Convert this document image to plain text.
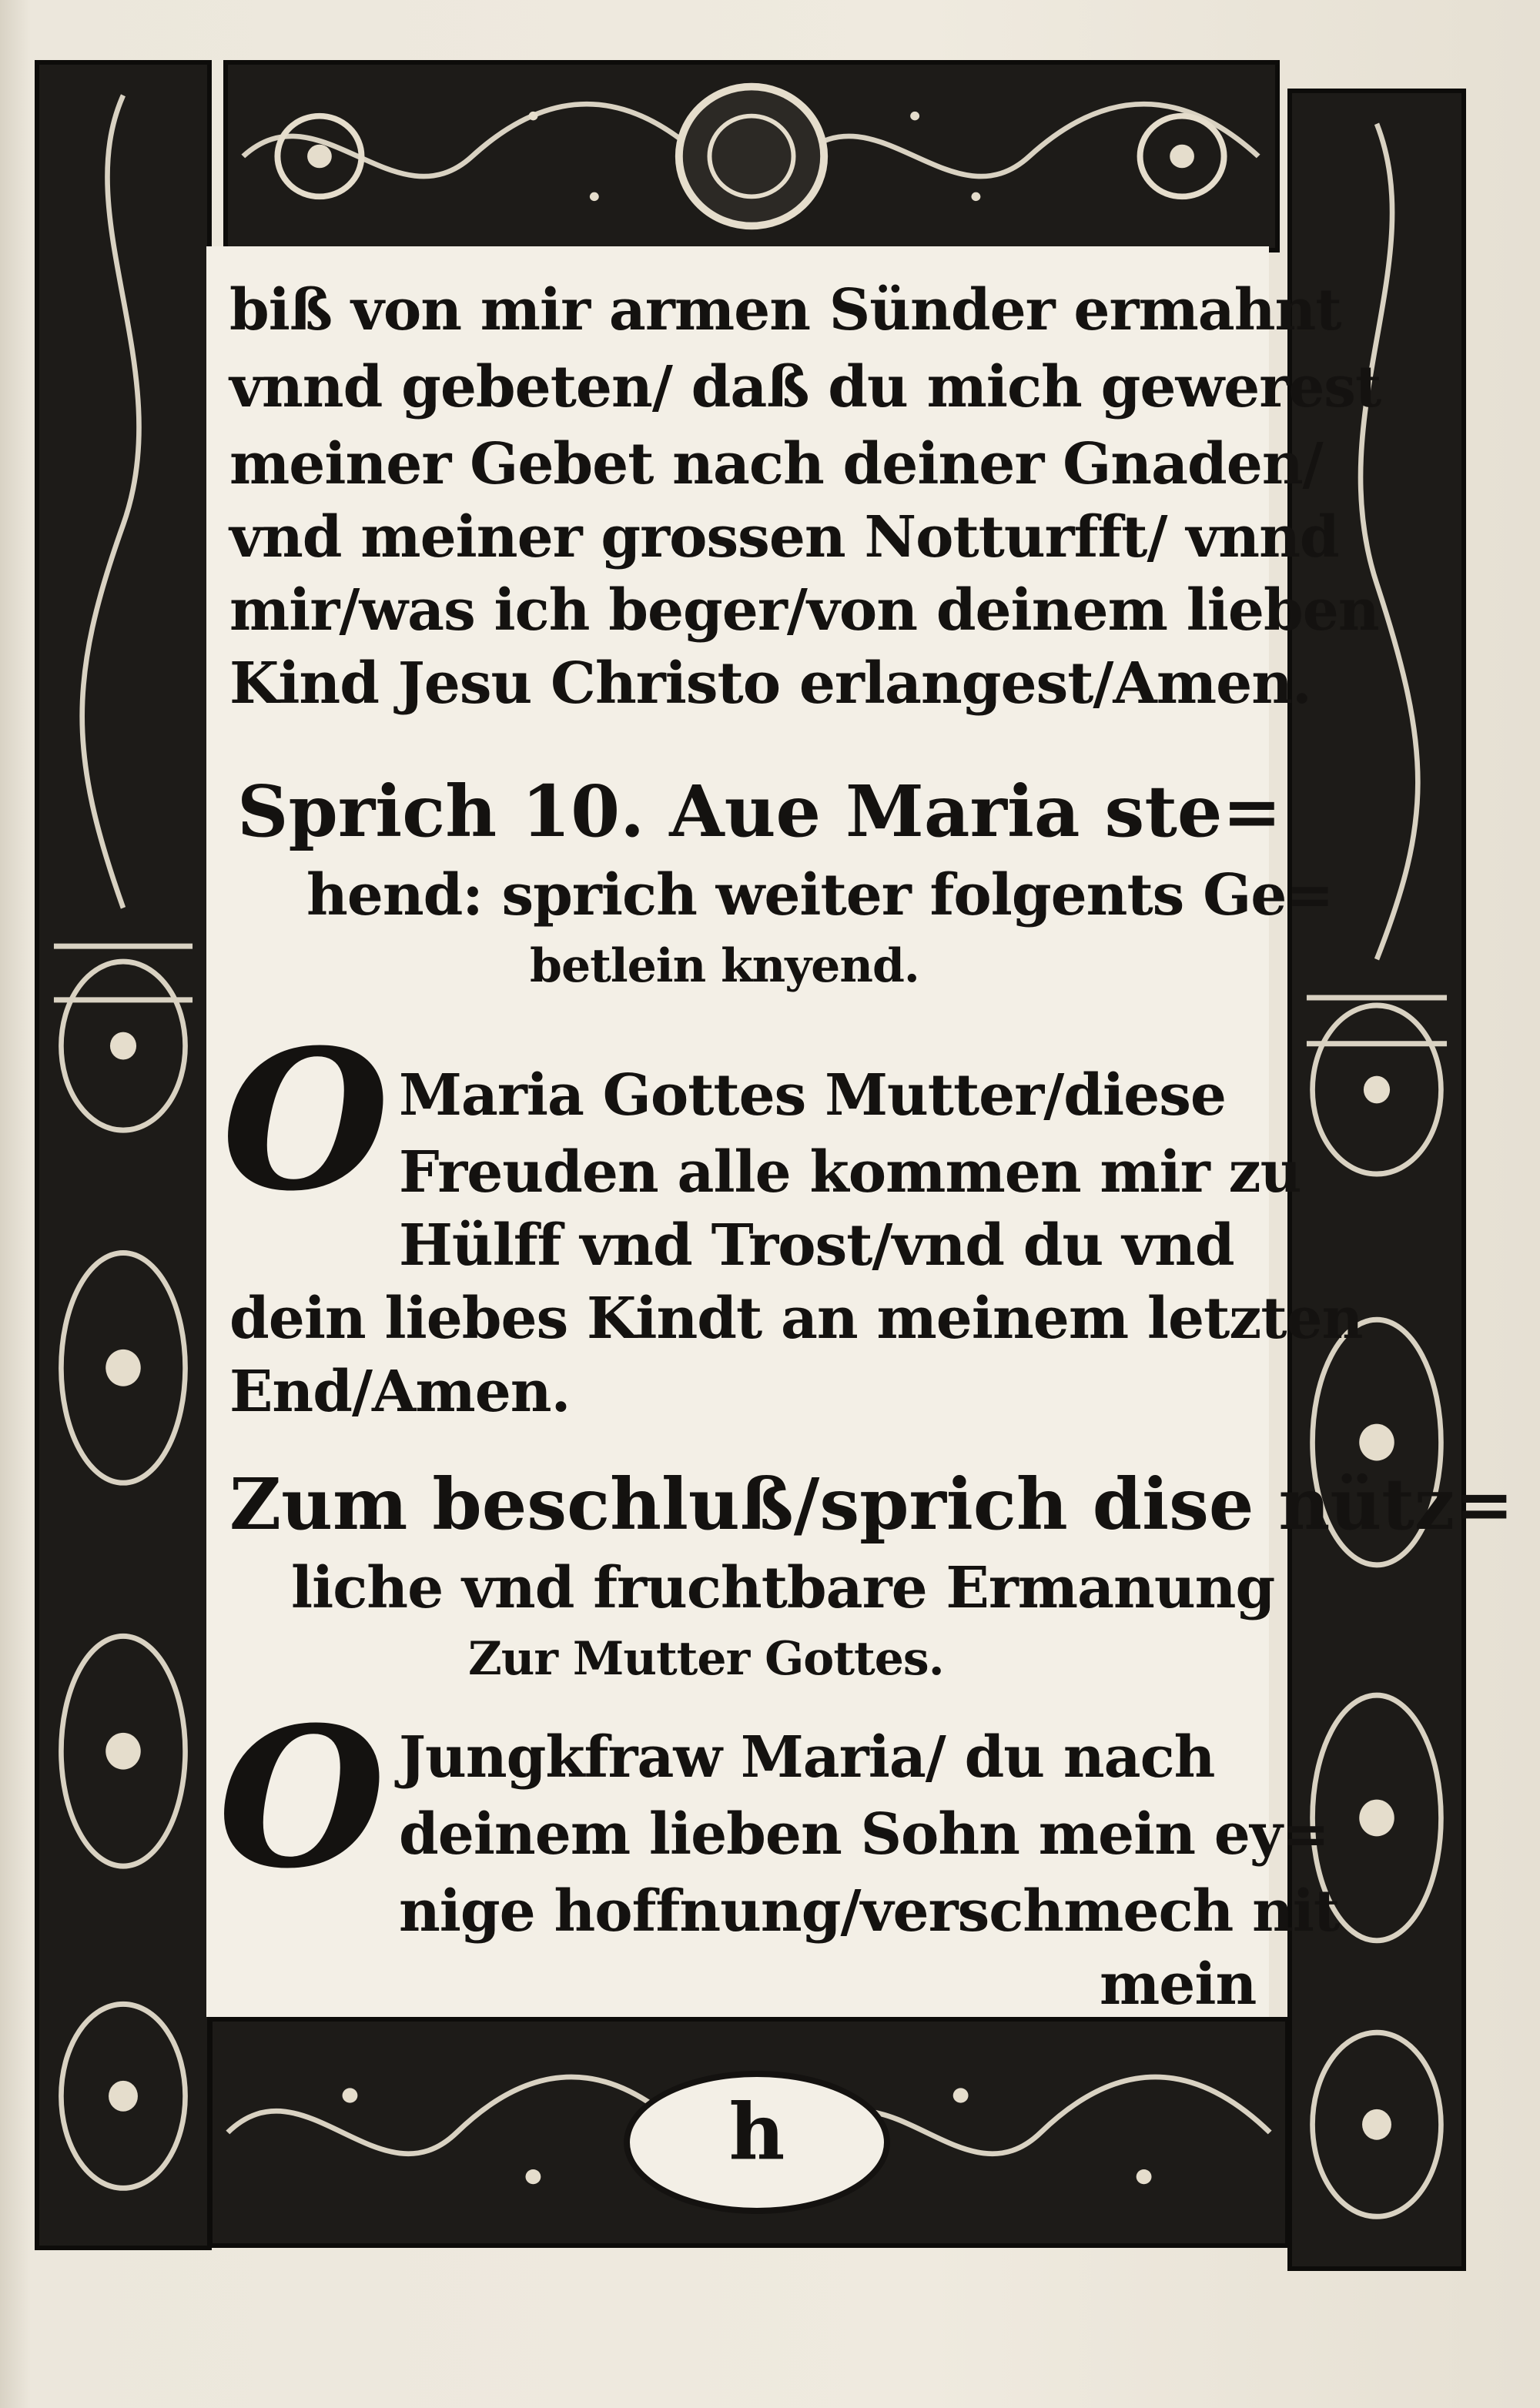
h
biß von mir armen Sünder ermahnt
vnnd gebeten/ daß du mich gewerest
meiner Gebet nach deiner Gnaden/
vnd meiner grossen Notturfft/ vnnd
mir/was ich beger/von deinem lieben
Kind Jesu Christo erlangest/Amen.
Sprich 10. Aue Maria ste=
hend: sprich weiter folgents Ge=
betlein knyend.
O Maria Gottes Mutter/diese
Freuden alle kommen mir zu
Hülff vnd Trost/vnd du vnd
dein liebes Kindt an meinem letzten
End/Amen.
Zum beschluß/sprich dise nütz=
liche vnd fruchtbare Ermanung
Zur Mutter Gottes.
O Jungkfraw Maria/ du nach
deinem lieben Sohn mein ey=
nige hoffnung/verschmech nit
mein
